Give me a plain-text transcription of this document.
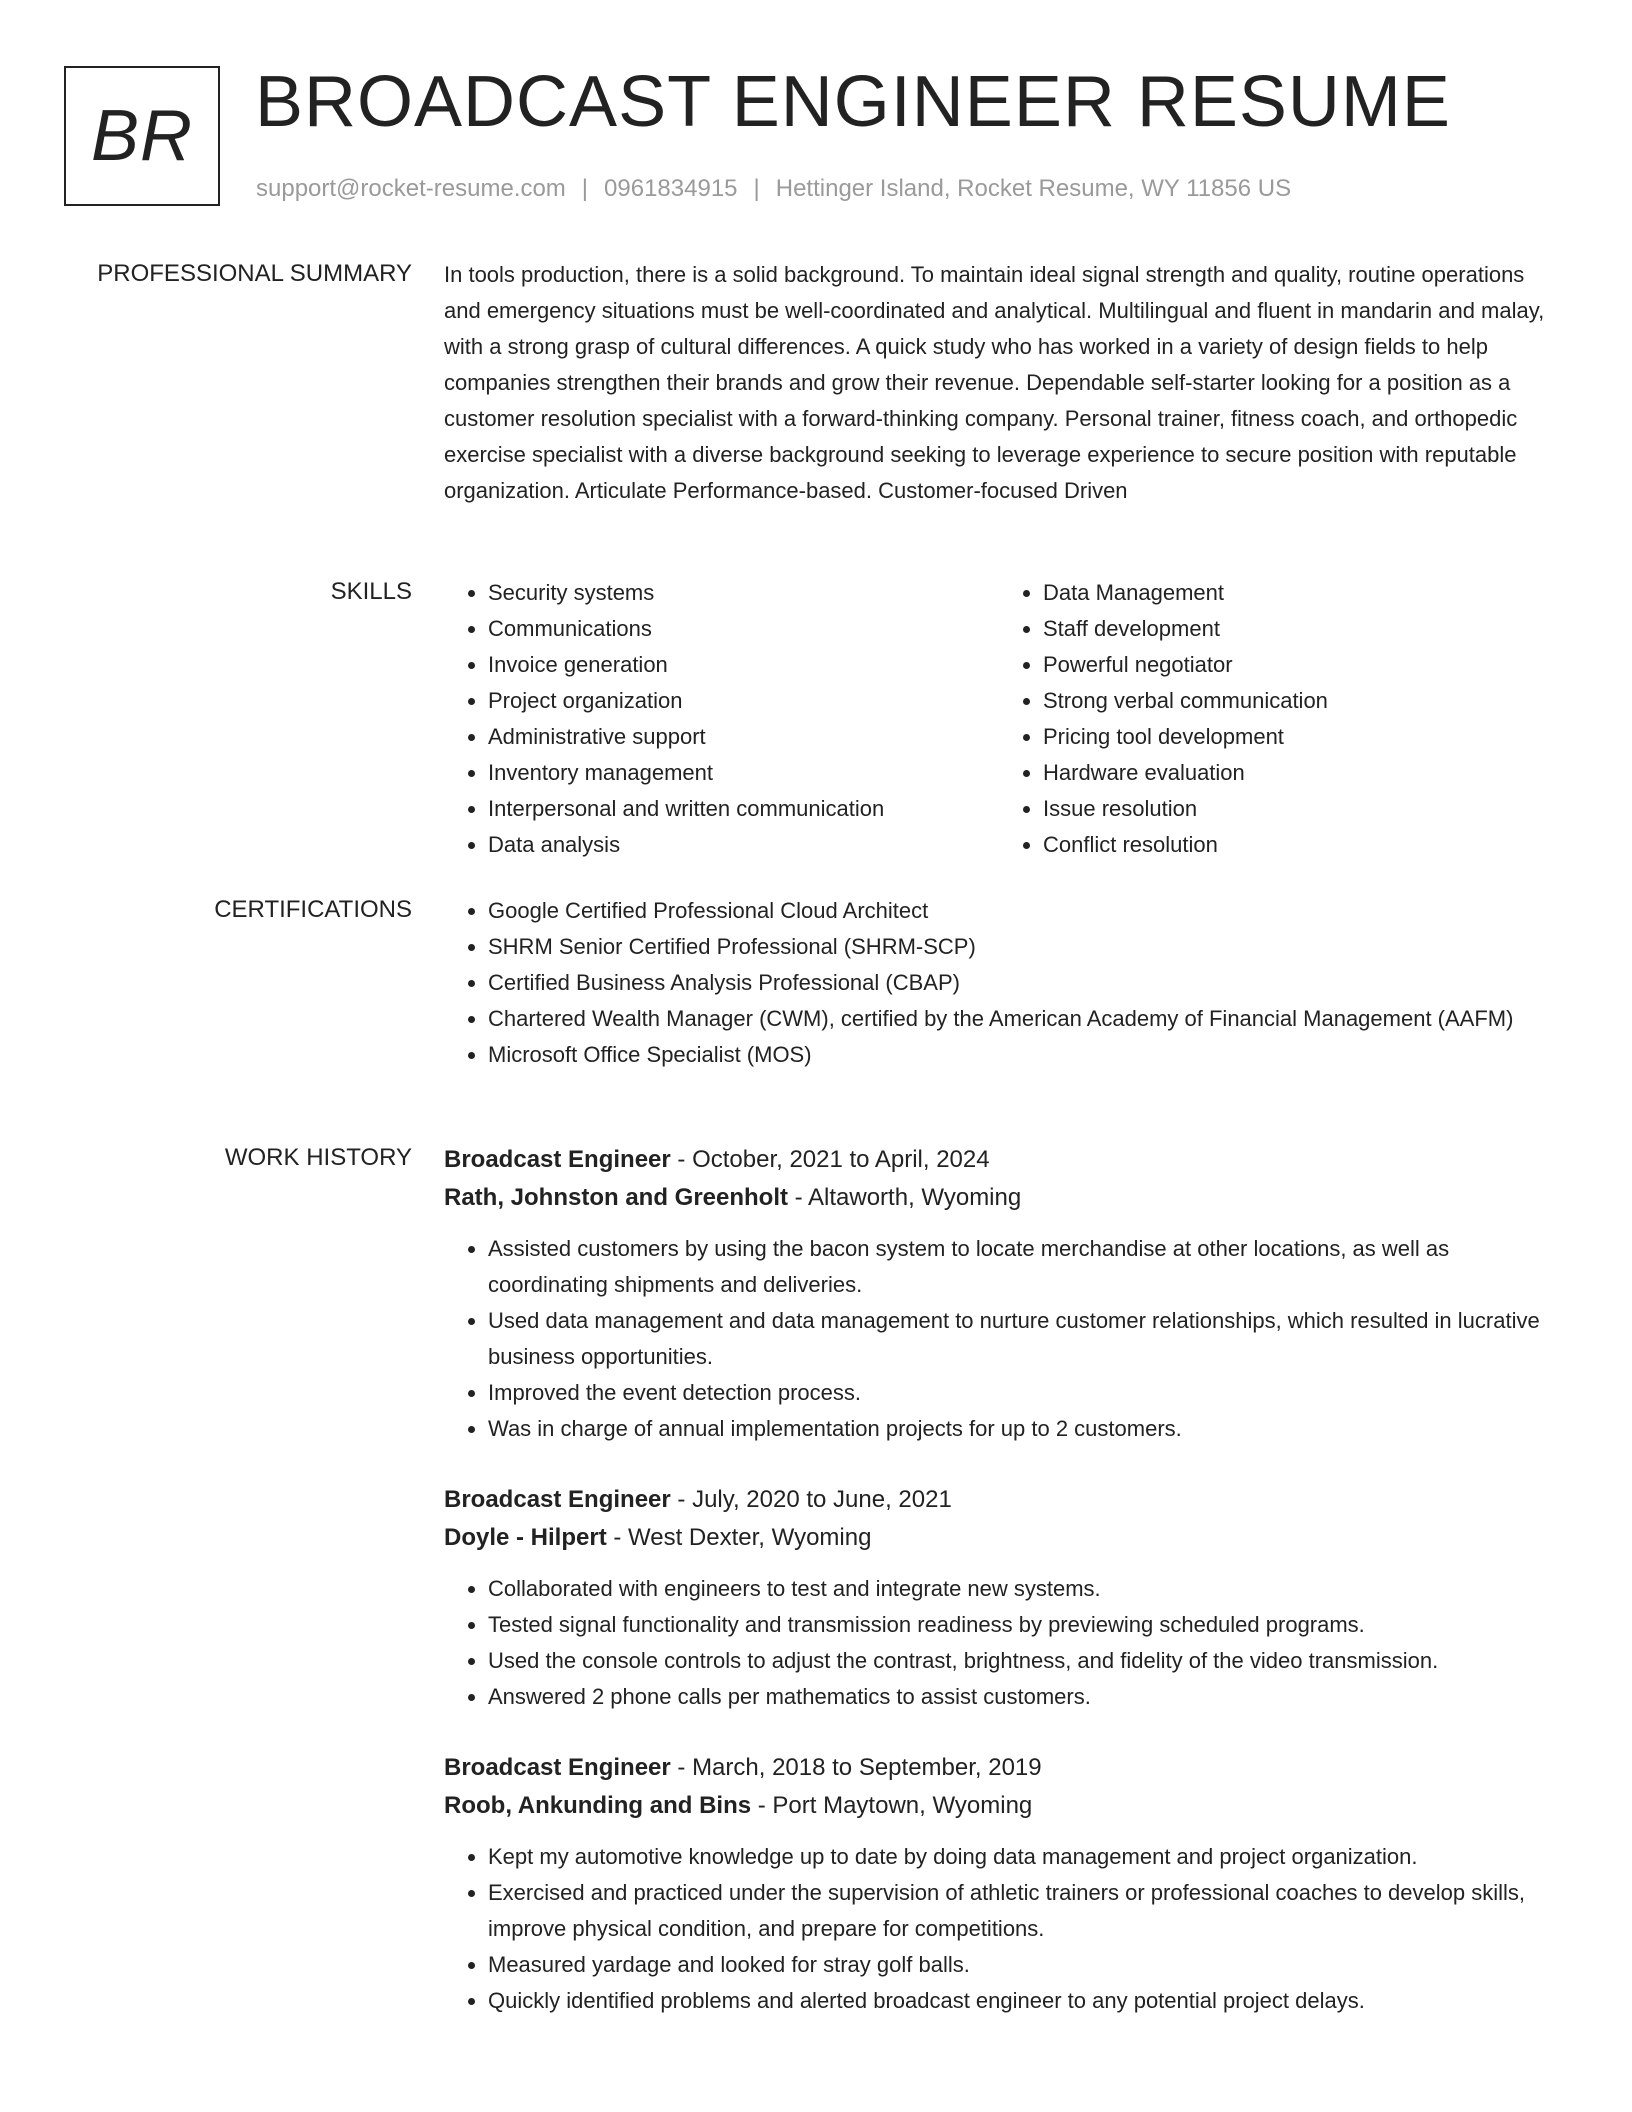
BR BROADCAST ENGINEER RESUME
support@rocket-resume.com | 0961834915 | Hettinger Island, Rocket Resume, WY 11856 US
PROFESSIONAL SUMMARY In tools production, there is a solid background. To maintain ideal signal strength and quality, routine operations and emergency situations must be well-coordinated and analytical. Multilingual and fluent in mandarin and malay, with a strong grasp of cultural differences. A quick study who has worked in a variety of design fields to help companies strengthen their brands and grow their revenue. Dependable self-starter looking for a position as a customer resolution specialist with a forward-thinking company. Personal trainer, fitness coach, and orthopedic exercise specialist with a diverse background seeking to leverage experience to secure position with reputable organization. Articulate Performance-based. Customer-focused Driven
SKILLS	• Security systems
• Communications
• Invoice generation
• Project organization
• Administrative support
• Inventory management
• Interpersonal and written communication
• Data analysis
• Data Management
• Staff development
• Powerful negotiator
• Strong verbal communication
• Pricing tool development
• Hardware evaluation
• Issue resolution
• Conflict resolution
CERTIFICATIONS	• Google Certified Professional Cloud Architect
• SHRM Senior Certified Professional (SHRM-SCP)
• Certified Business Analysis Professional (CBAP)
• Chartered Wealth Manager (CWM), certified by the American Academy of Financial Management (AAFM)
• Microsoft Office Specialist (MOS)
WORK HISTORY Broadcast Engineer - October, 2021 to April, 2024
Rath, Johnston and Greenholt - Altaworth, Wyoming
• Assisted customers by using the bacon system to locate merchandise at other locations, as well as coordinating shipments and deliveries.
• Used data management and data management to nurture customer relationships, which resulted in lucrative business opportunities.
• Improved the event detection process.
• Was in charge of annual implementation projects for up to 2 customers.
Broadcast Engineer - July, 2020 to June, 2021
Doyle - Hilpert - West Dexter, Wyoming
• Collaborated with engineers to test and integrate new systems.
• Tested signal functionality and transmission readiness by previewing scheduled programs.
• Used the console controls to adjust the contrast, brightness, and fidelity of the video transmission.
• Answered 2 phone calls per mathematics to assist customers.
Broadcast Engineer - March, 2018 to September, 2019
Roob, Ankunding and Bins - Port Maytown, Wyoming
• Kept my automotive knowledge up to date by doing data management and project organization.
• Exercised and practiced under the supervision of athletic trainers or professional coaches to develop skills, improve physical condition, and prepare for competitions.
• Measured yardage and looked for stray golf balls.
• Quickly identified problems and alerted broadcast engineer to any potential project delays.
